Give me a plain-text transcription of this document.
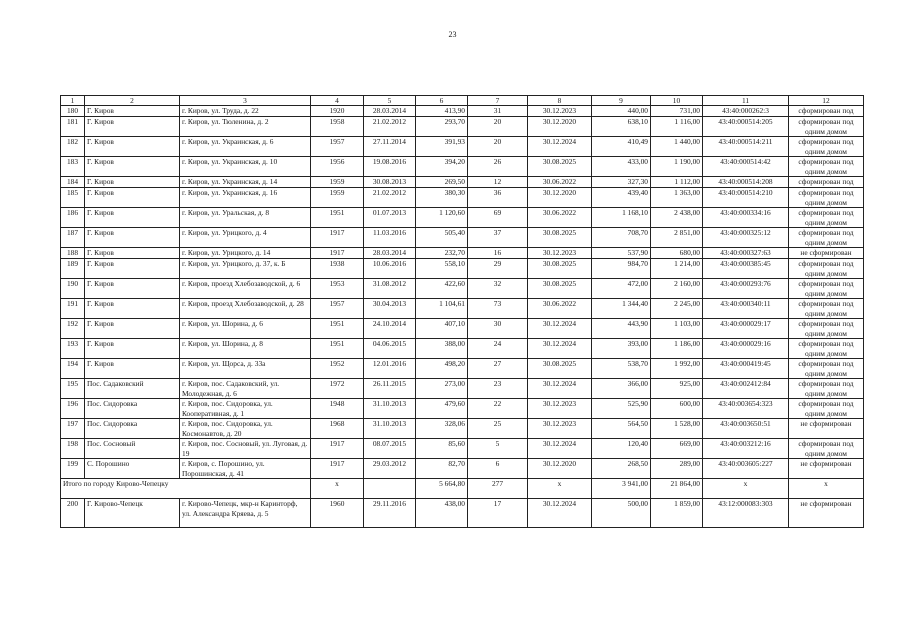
23
1	2	3	4	5	6	7	8	9	10	11	12
180	Г. Киров	г. Киров, ул. Труда, д. 22	1920	28.03.2014	413,90	31	30.12.2023	440,00	731,00	43:40:000262:3	сформирован под
181	Г. Киров	г. Киров, ул. Тюленина, д. 2	1958	21.02.2012	293,70	20	30.12.2020	638,10	1 116,00	43:40:000514:205	сформирован под одним домом
182	Г. Киров	г. Киров, ул. Украинская, д. 6	1957	27.11.2014	391,93	20	30.12.2024	410,49	1 440,00	43:40:000514:211	сформирован под одним домом
183	Г. Киров	г. Киров, ул. Украинская, д. 10	1956	19.08.2016	394,20	26	30.08.2025	433,00	1 190,00	43:40:000514:42	сформирован под одним домом
184	Г. Киров	г. Киров, ул. Украинская, д. 14	1959	30.08.2013	269,50	12	30.06.2022	327,30	1 112,00	43:40:000514:208	сформирован под
185	Г. Киров	г. Киров, ул. Украинская, д. 16	1959	21.02.2012	380,30	36	30.12.2020	439,40	1 363,00	43:40:000514:210	сформирован под одним домом
186	Г. Киров	г. Киров, ул. Уральская, д. 8	1951	01.07.2013	1 120,60	69	30.06.2022	1 168,10	2 438,00	43:40:000334:16	сформирован под одним домом
187	Г. Киров	г. Киров, ул. Урицкого, д. 4	1917	11.03.2016	505,40	37	30.08.2025	708,70	2 851,00	43:40:000325:12	сформирован под одним домом
188	Г. Киров	г. Киров, ул. Урицкого, д. 14	1917	28.03.2014	232,70	16	30.12.2023	537,90	680,00	43:40:000327:63	не сформирован
189	Г. Киров	г. Киров, ул. Урицкого, д. 37, к. Б	1938	10.06.2016	558,10	29	30.08.2025	984,70	1 214,00	43:40:000385:45	сформирован под одним домом
190	Г. Киров	г. Киров, проезд Хлебозаводской, д. 6	1953	31.08.2012	422,60	32	30.08.2025	472,00	2 160,00	43:40:000293:76	сформирован под одним домом
191	Г. Киров	г. Киров, проезд Хлебозаводской, д. 28	1957	30.04.2013	1 104,61	73	30.06.2022	1 344,40	2 245,00	43:40:000340:11	сформирован под одним домом
192	Г. Киров	г. Киров, ул. Шорина, д. 6	1951	24.10.2014	407,10	30	30.12.2024	443,90	1 103,00	43:40:000029:17	сформирован под одним домом
193	Г. Киров	г. Киров, ул. Шорина, д. 8	1951	04.06.2015	388,00	24	30.12.2024	393,00	1 186,00	43:40:000029:16	сформирован под одним домом
194	Г. Киров	г. Киров, ул. Щорса, д. 33а	1952	12.01.2016	498,20	27	30.08.2025	538,70	1 992,00	43:40:000419:45	сформирован под одним домом
195	Пос. Садаковский	г. Киров, пос. Садаковский, ул. Молодежная, д. 6	1972	26.11.2015	273,00	23	30.12.2024	366,00	925,00	43:40:002412:84	сформирован под одним домом
196	Пос. Сидоровка	г. Киров, пос. Сидоровка, ул. Кооперативная, д. 1	1948	31.10.2013	479,60	22	30.12.2023	525,90	600,00	43:40:003654:323	сформирован под одним домом
197	Пос. Сидоровка	г. Киров, пос. Сидоровка, ул. Космонавтов, д. 20	1968	31.10.2013	328,06	25	30.12.2023	564,50	1 528,00	43:40:003650:51	не сформирован
198	Пос. Сосновый	г. Киров, пос. Сосновый, ул. Луговая, д. 19	1917	08.07.2015	85,60	5	30.12.2024	120,40	669,00	43:40:003212:16	сформирован под одним домом
199	С. Порошино	г. Киров, с. Порошино, ул. Порошинская, д. 41	1917	29.03.2012	82,70	6	30.12.2020	268,50	289,00	43:40:003605:227	не сформирован
Итого по городу Кирово-Чепецку			x		5 664,80	277	x	3 941,00	21 864,00	x	x
200	Г. Кирово-Чепецк	г. Кирово-Чепецк, мкр-н Каринторф, ул. Александра Кряева, д. 5	1960	29.11.2016	438,00	17	30.12.2024	500,00	1 859,00	43:12:000083:303	не сформирован
